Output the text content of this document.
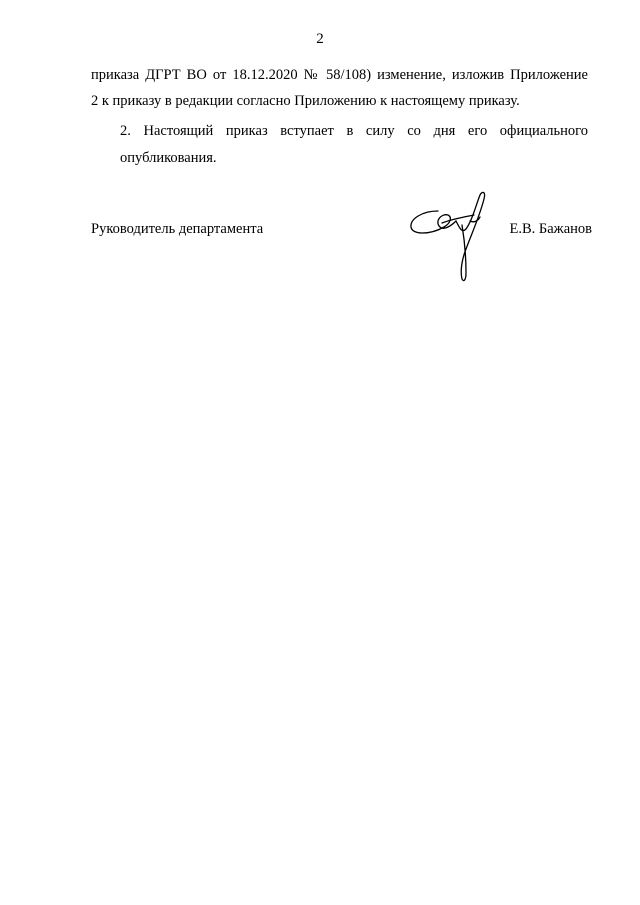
2

приказа ДГРТ ВО от 18.12.2020 № 58/108) изменение, изложив Приложение

2 к приказу в редакции согласно Приложению к настоящему приказу.

2. Настоящий приказ вступает в силу со дня его официального
опубликования.
Руководитель департамента	Е.В. Бажанов
